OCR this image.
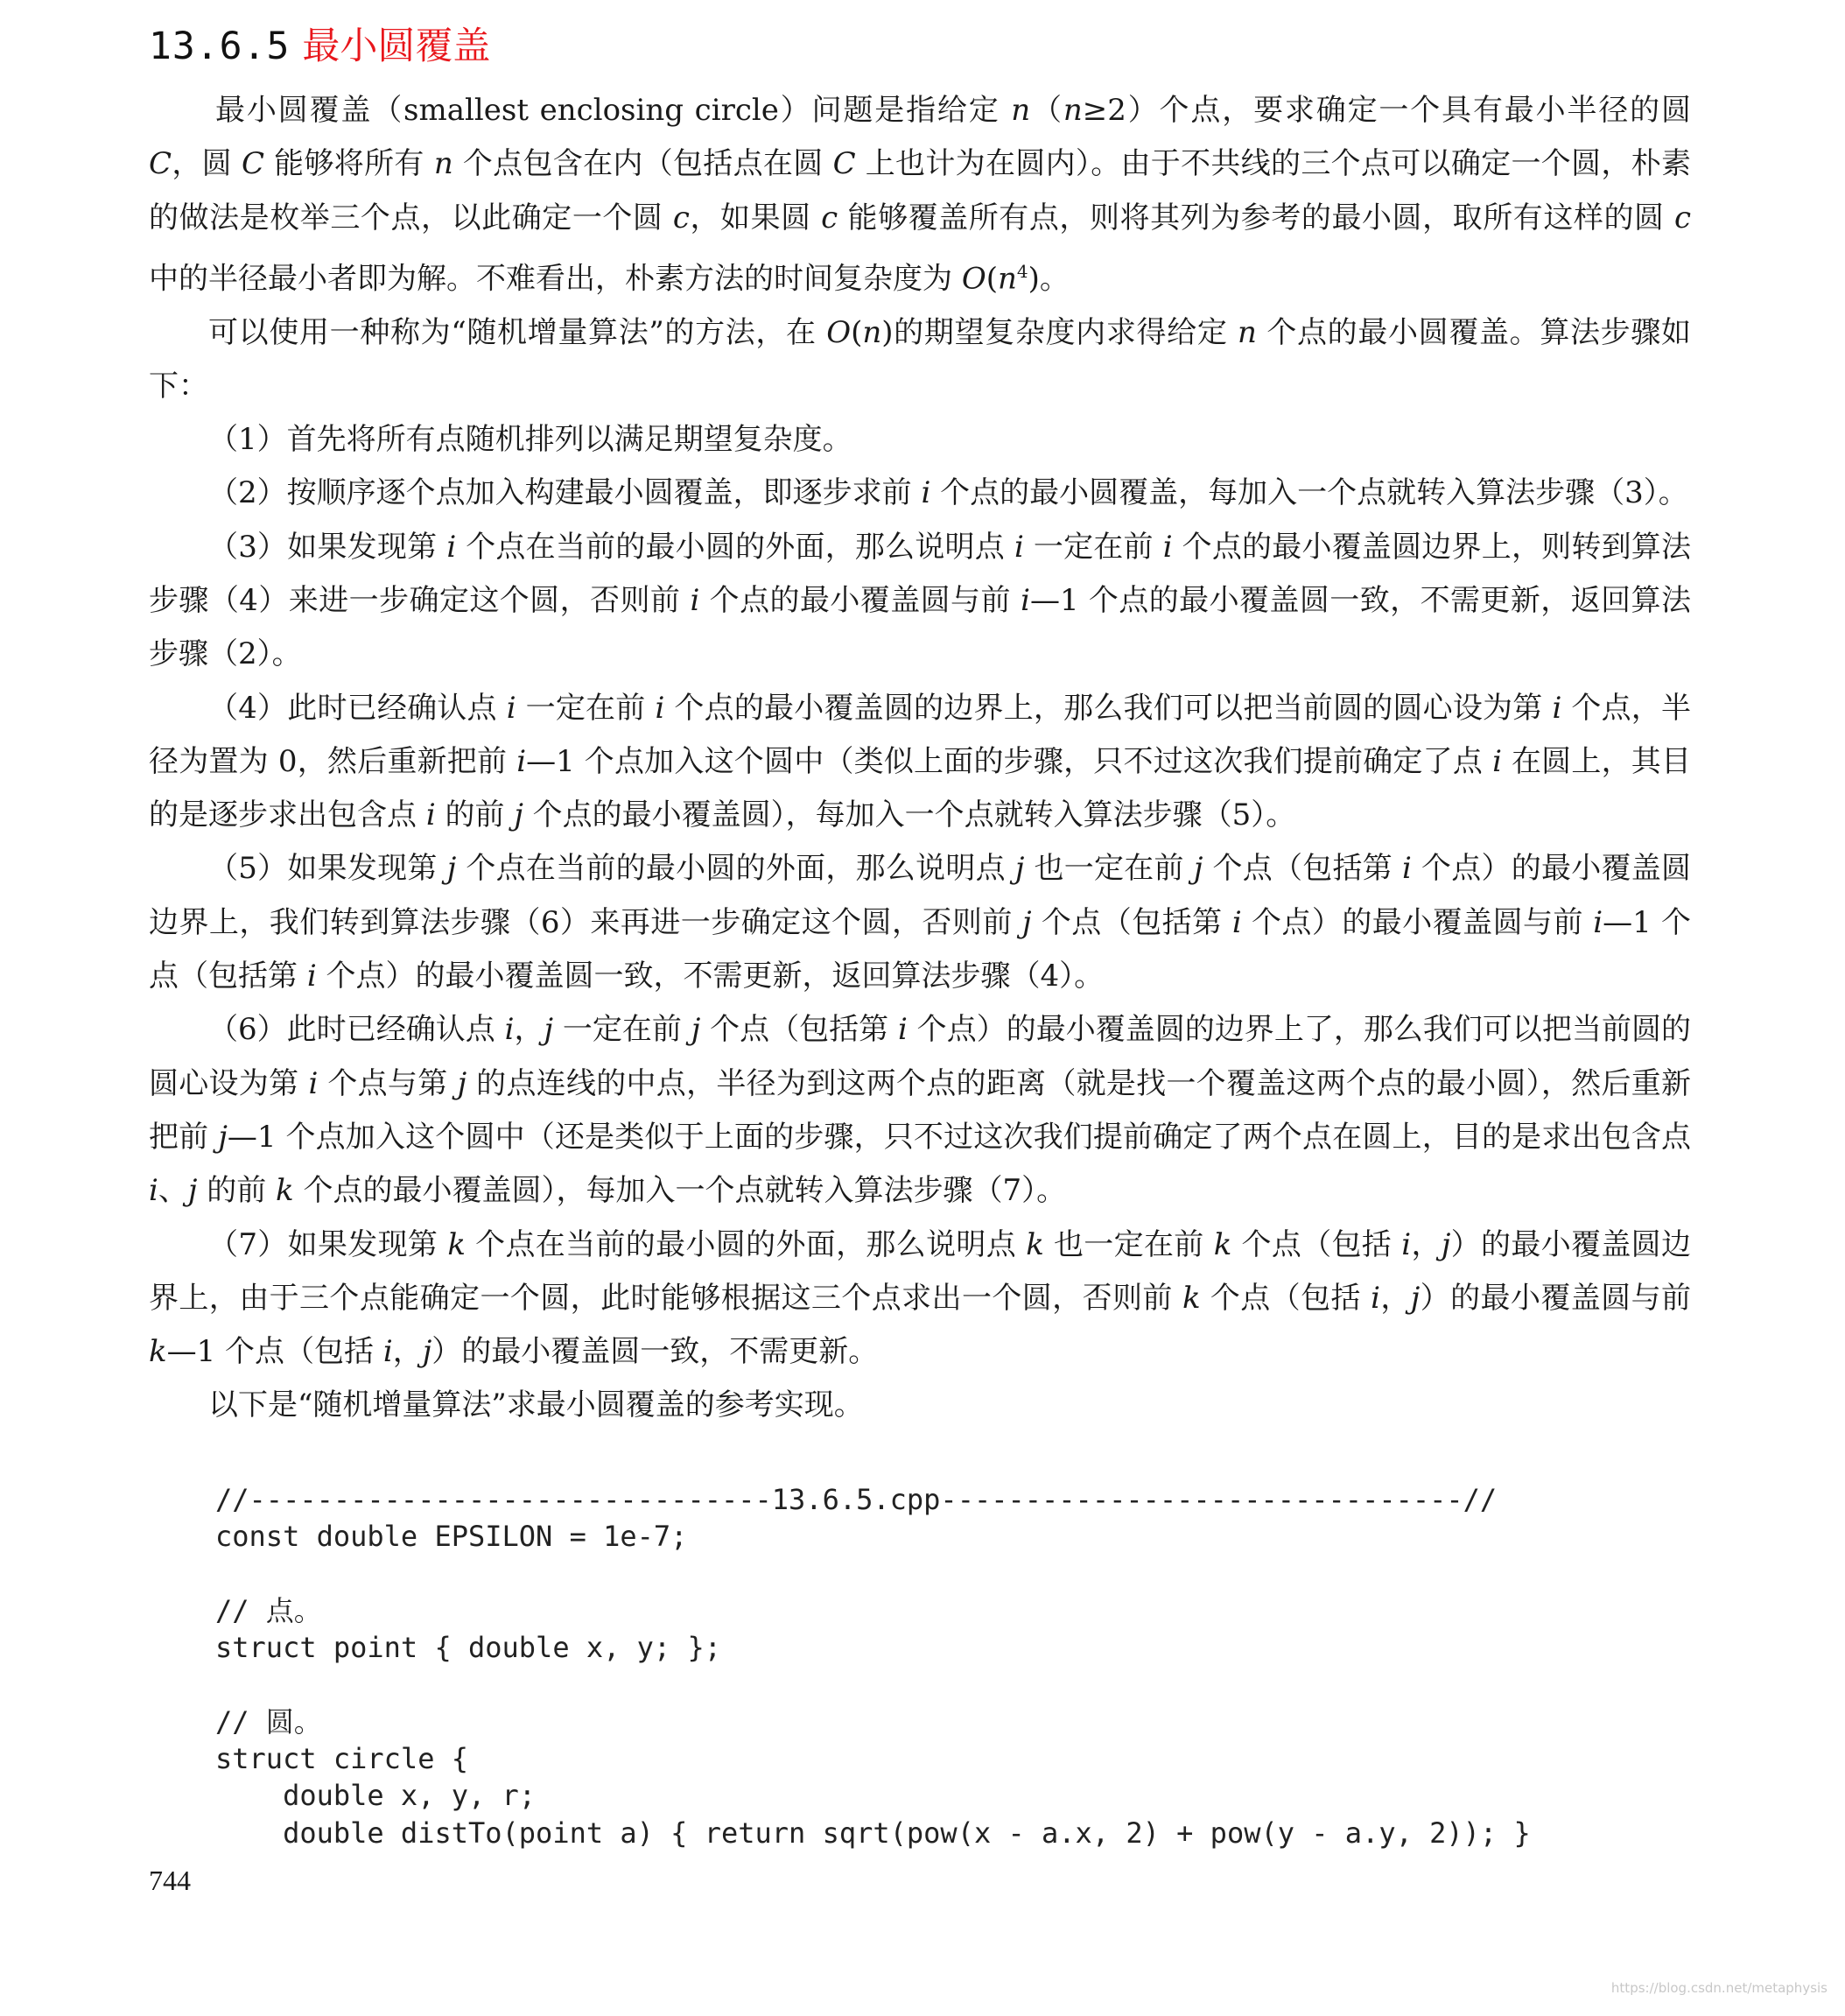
13.6.5 最小圆覆盖

最小圆覆盖（smallest enclosing circle）问题是指给定 n（n≥2）个点，要求确定一个具有最小半径的圆 C，圆 C 能够将所有 n 个点包含在内（包括点在圆 C 上也计为在圆内）。由于不共线的三个点可以确定一个圆，朴素的做法是枚举三个点，以此确定一个圆 c，如果圆 c 能够覆盖所有点，则将其列为参考的最小圆，取所有这样的圆 c 中的半径最小者即为解。不难看出，朴素方法的时间复杂度为 $O(n^4)$。

可以使用一种称为“随机增量算法”的方法，在 O(n)的期望复杂度内求得给定 n 个点的最小圆覆盖。算法步骤如下：

（1）首先将所有点随机排列以满足期望复杂度。

（2）按顺序逐个点加入构建最小圆覆盖，即逐步求前 i 个点的最小圆覆盖，每加入一个点就转入算法步骤（3）。

（3）如果发现第 i 个点在当前的最小圆的外面，那么说明点 i 一定在前 i 个点的最小覆盖圆边界上，则转到算法步骤（4）来进一步确定这个圆，否则前 i 个点的最小覆盖圆与前 i—1 个点的最小覆盖圆一致，不需更新，返回算法步骤（2）。

（4）此时已经确认点 i 一定在前 i 个点的最小覆盖圆的边界上，那么我们可以把当前圆的圆心设为第 i 个点，半径为置为 0，然后重新把前 i—1 个点加入这个圆中（类似上面的步骤，只不过这次我们提前确定了点 i 在圆上，其目的是逐步求出包含点 i 的前 j 个点的最小覆盖圆），每加入一个点就转入算法步骤（5）。

（5）如果发现第 j 个点在当前的最小圆的外面，那么说明点 j 也一定在前 j 个点（包括第 i 个点）的最小覆盖圆边界上，我们转到算法步骤（6）来再进一步确定这个圆，否则前 j 个点（包括第 i 个点）的最小覆盖圆与前 i—1 个点（包括第 i 个点）的最小覆盖圆一致，不需更新，返回算法步骤（4）。

（6）此时已经确认点 i，j 一定在前 j 个点（包括第 i 个点）的最小覆盖圆的边界上了，那么我们可以把当前圆的圆心设为第 i 个点与第 j 的点连线的中点，半径为到这两个点的距离（就是找一个覆盖这两个点的最小圆），然后重新把前 j—1 个点加入这个圆中（还是类似于上面的步骤，只不过这次我们提前确定了两个点在圆上，目的是求出包含点 i、j 的前 k 个点的最小覆盖圆），每加入一个点就转入算法步骤（7）。

（7）如果发现第 k 个点在当前的最小圆的外面，那么说明点 k 也一定在前 k 个点（包括 i，j）的最小覆盖圆边界上，由于三个点能确定一个圆，此时能够根据这三个点求出一个圆，否则前 k 个点（包括 i，j）的最小覆盖圆与前 k—1 个点（包括 i，j）的最小覆盖圆一致，不需更新。

以下是“随机增量算法”求最小圆覆盖的参考实现。

//-------------------------------13.6.5.cpp-------------------------------//
const double EPSILON = 1e-7;
// 点。
struct point { double x, y; };
// 圆。
struct circle {
double x, y, r;
double distTo(point a) { return sqrt(pow(x - a.x, 2) + pow(y - a.y, 2)); }
744
https://blog.csdn.net/metaphysis
